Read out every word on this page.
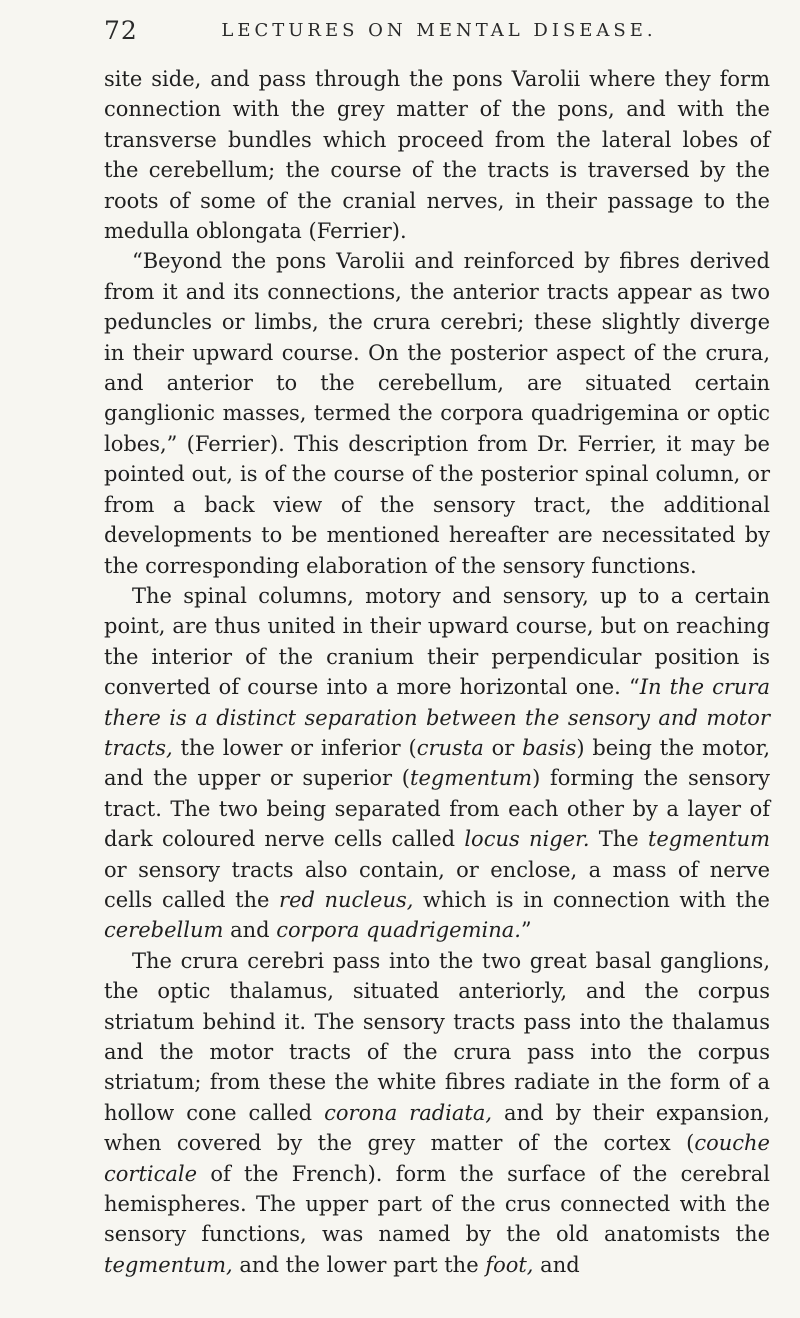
72	LECTURES ON MENTAL DISEASE.

site side, and pass through the pons Varolii where they form connection with the grey matter of the pons, and with the transverse bundles which proceed from the lateral lobes of the cerebellum; the course of the tracts is traversed by the roots of some of the cranial nerves, in their passage to the medulla oblongata (Ferrier).

“Beyond the pons Varolii and reinforced by fibres derived from it and its connections, the anterior tracts appear as two peduncles or limbs, the crura cerebri; these slightly diverge in their upward course. On the posterior aspect of the crura, and anterior to the cerebellum, are situated certain ganglionic masses, termed the corpora quadrigemina or optic lobes,” (Ferrier). This description from Dr. Ferrier, it may be pointed out, is of the course of the posterior spinal column, or from a back view of the sensory tract, the additional developments to be mentioned hereafter are necessitated by the corresponding elaboration of the sensory functions.

The spinal columns, motory and sensory, up to a certain point, are thus united in their upward course, but on reaching the interior of the cranium their perpendicular position is converted of course into a more horizontal one. “In the crura there is a distinct separation between the sensory and motor tracts, the lower or inferior (crusta or basis) being the motor, and the upper or superior (tegmentum) forming the sensory tract. The two being separated from each other by a layer of dark coloured nerve cells called locus niger. The tegmentum or sensory tracts also contain, or enclose, a mass of nerve cells called the red nucleus, which is in connection with the cerebellum and corpora quadrigemina.”

The crura cerebri pass into the two great basal ganglions, the optic thalamus, situated anteriorly, and the corpus striatum behind it. The sensory tracts pass into the thalamus and the motor tracts of the crura pass into the corpus striatum; from these the white fibres radiate in the form of a hollow cone called corona radiata, and by their expansion, when covered by the grey matter of the cortex (couche corticale of the French). form the surface of the cerebral hemispheres. The upper part of the crus connected with the sensory functions, was named by the old anatomists the tegmentum, and the lower part the foot, and
